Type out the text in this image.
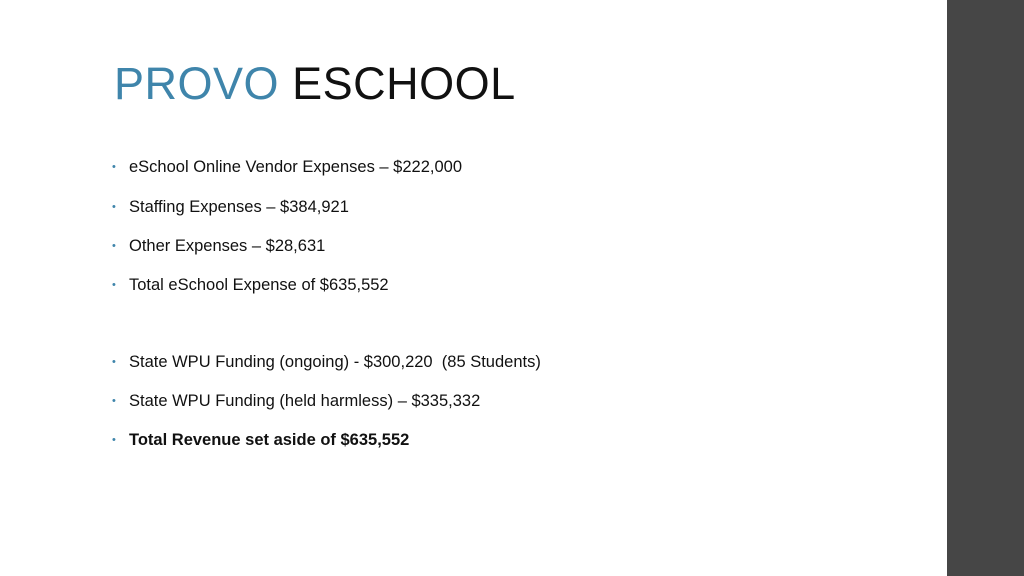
PROVO ESCHOOL
• eSchool Online Vendor Expenses – $222,000
• Staffing Expenses – $384,921
• Other Expenses – $28,631
• Total eSchool Expense of $635,552
• State WPU Funding (ongoing) - $300,220  (85 Students)
• State WPU Funding (held harmless) – $335,332
• Total Revenue set aside of $635,552
